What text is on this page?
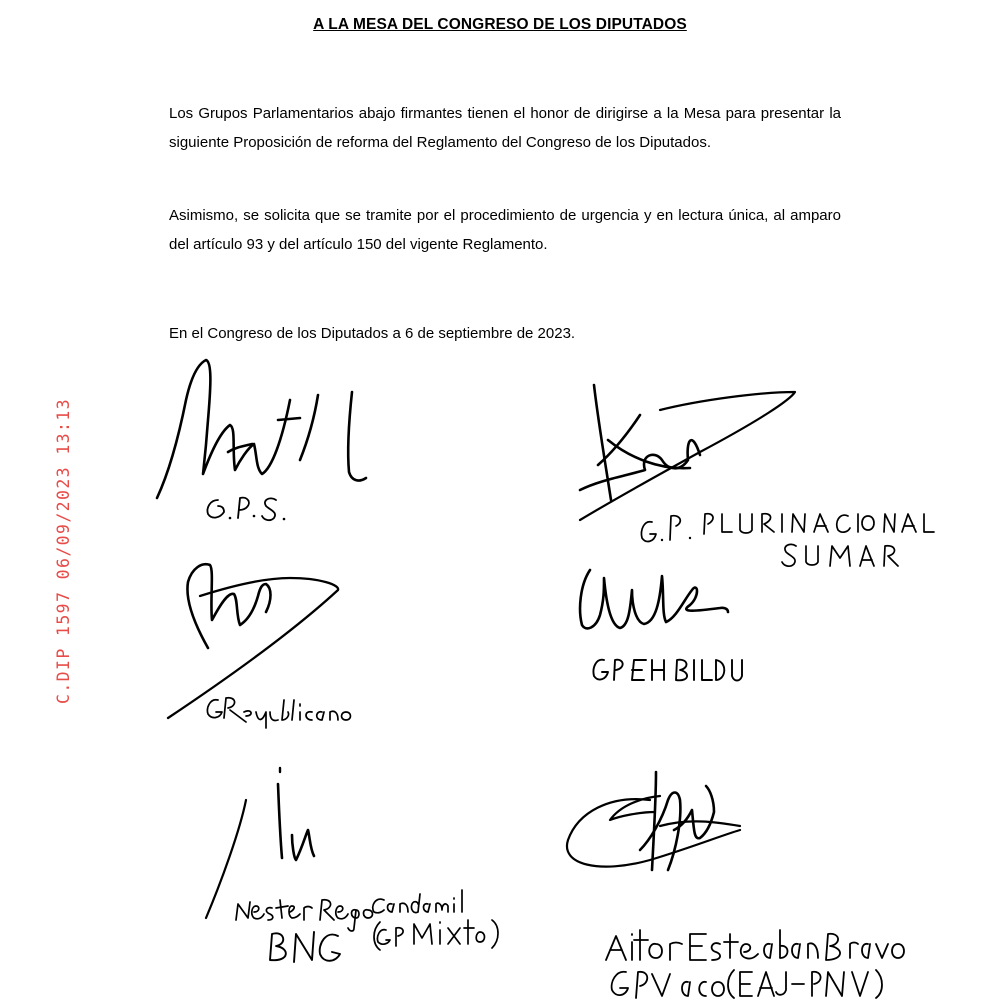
A LA MESA DEL CONGRESO DE LOS DIPUTADOS

Los Grupos Parlamentarios abajo firmantes tienen el honor de dirigirse a la Mesa para presentar la siguiente Proposición de reforma del Reglamento del Congreso de los Diputados.

Asimismo, se solicita que se tramite por el procedimiento de urgencia y en lectura única, al amparo del artículo 93 y del artículo 150 del vigente Reglamento.

En el Congreso de los Diputados a 6 de septiembre de 2023.
C.DIP 1597 06/09/2023 13:13
